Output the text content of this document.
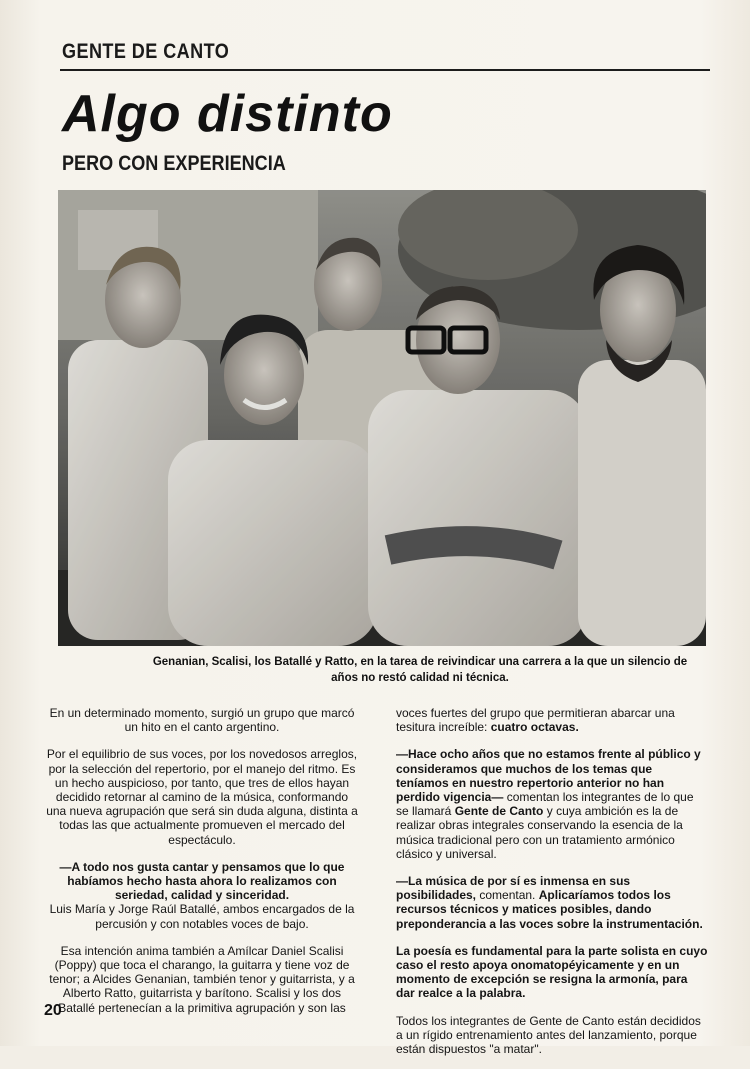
GENTE DE CANTO
Algo distinto
PERO CON EXPERIENCIA
Genanian, Scalisi, los Batallé y Ratto, en la tarea de reivindicar una carrera a la que un silencio de años no restó calidad ni técnica.

En un determinado momento, surgió un grupo que marcó un hito en el canto argentino.

Por el equilibrio de sus voces, por los novedosos arreglos, por la selección del repertorio, por el manejo del ritmo. Es un hecho auspicioso, por tanto, que tres de ellos hayan decidido retornar al camino de la música, conformando una nueva agrupación que será sin duda alguna, distinta a todas las que actualmente promueven el mercado del espectáculo.

—A todo nos gusta cantar y pensamos que lo que habíamos hecho hasta ahora lo realizamos con seriedad, calidad y sinceridad.

Luis María y Jorge Raúl Batallé, ambos encargados de la percusión y con notables voces de bajo.

Esa intención anima también a Amílcar Daniel Scalisi (Poppy) que toca el charango, la guitarra y tiene voz de tenor; a Alcides Genanian, también tenor y guitarrista, y a Alberto Ratto, guitarrista y barítono. Scalisi y los dos Batallé pertenecían a la primitiva agrupación y son las

voces fuertes del grupo que permitieran abarcar una tesitura increíble: cuatro octavas.

—Hace ocho años que no estamos frente al público y consideramos que muchos de los temas que teníamos en nuestro repertorio anterior no han perdido vigencia— comentan los integrantes de lo que se llamará Gente de Canto y cuya ambición es la de realizar obras integrales conservando la esencia de la música tradicional pero con un tratamiento armónico clásico y universal.

—La música de por sí es inmensa en sus posibilidades, comentan. Aplicaríamos todos los recursos técnicos y matices posibles, dando preponderancia a las voces sobre la instrumentación.

La poesía es fundamental para la parte solista en cuyo caso el resto apoya onomatopéyicamente y en un momento de excepción se resigna la armonía, para dar realce a la palabra.

Todos los integrantes de Gente de Canto están decididos a un rígido entrenamiento antes del lanzamiento, porque están dispuestos "a matar".

20
